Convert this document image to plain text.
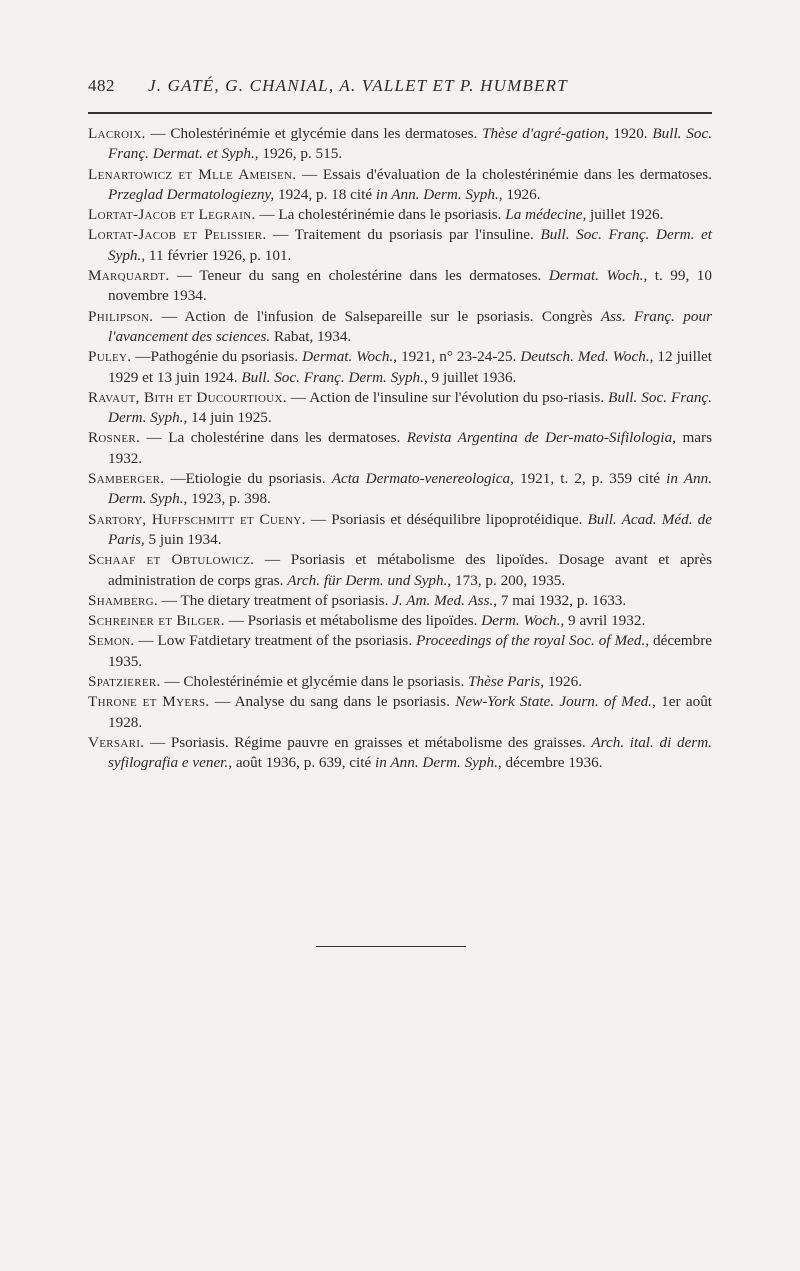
482 J. GATÉ, G. CHANIAL, A. VALLET ET P. HUMBERT

Lacroix. — Cholestérinémie et glycémie dans les dermatoses. Thèse d'agré-gation, 1920. Bull. Soc. Franç. Dermat. et Syph., 1926, p. 515.

Lenartowicz et Mlle Ameisen. — Essais d'évaluation de la cholestérinémie dans les dermatoses. Przeglad Dermatologiezny, 1924, p. 18 cité in Ann. Derm. Syph., 1926.

Lortat-Jacob et Legrain. — La cholestérinémie dans le psoriasis. La médecine, juillet 1926.

Lortat-Jacob et Pelissier. — Traitement du psoriasis par l'insuline. Bull. Soc. Franç. Derm. et Syph., 11 février 1926, p. 101.

Marquardt. — Teneur du sang en cholestérine dans les dermatoses. Dermat. Woch., t. 99, 10 novembre 1934.

Philipson. — Action de l'infusion de Salsepareille sur le psoriasis. Congrès Ass. Franç. pour l'avancement des sciences. Rabat, 1934.

Puley. —Pathogénie du psoriasis. Dermat. Woch., 1921, n° 23-24-25. Deutsch. Med. Woch., 12 juillet 1929 et 13 juin 1924. Bull. Soc. Franç. Derm. Syph., 9 juillet 1936.

Ravaut, Bith et Ducourtioux. — Action de l'insuline sur l'évolution du pso-riasis. Bull. Soc. Franç. Derm. Syph., 14 juin 1925.

Rosner. — La cholestérine dans les dermatoses. Revista Argentina de Der-mato-Sifilologia, mars 1932.

Samberger. —Etiologie du psoriasis. Acta Dermato-venereologica, 1921, t. 2, p. 359 cité in Ann. Derm. Syph., 1923, p. 398.

Sartory, Huffschmitt et Cueny. — Psoriasis et déséquilibre lipoprotéidique. Bull. Acad. Méd. de Paris, 5 juin 1934.

Schaaf et Obtulowicz. — Psoriasis et métabolisme des lipoïdes. Dosage avant et après administration de corps gras. Arch. für Derm. und Syph., 173, p. 200, 1935.

Shamberg. — The dietary treatment of psoriasis. J. Am. Med. Ass., 7 mai 1932, p. 1633.

Schreiner et Bilger. — Psoriasis et métabolisme des lipoïdes. Derm. Woch., 9 avril 1932.

Semon. — Low Fatdietary treatment of the psoriasis. Proceedings of the royal Soc. of Med., décembre 1935.

Spatzierer. — Cholestérinémie et glycémie dans le psoriasis. Thèse Paris, 1926.

Throne et Myers. — Analyse du sang dans le psoriasis. New-York State. Journ. of Med., 1er août 1928.

Versari. — Psoriasis. Régime pauvre en graisses et métabolisme des graisses. Arch. ital. di derm. syfilografia e vener., août 1936, p. 639, cité in Ann. Derm. Syph., décembre 1936.
